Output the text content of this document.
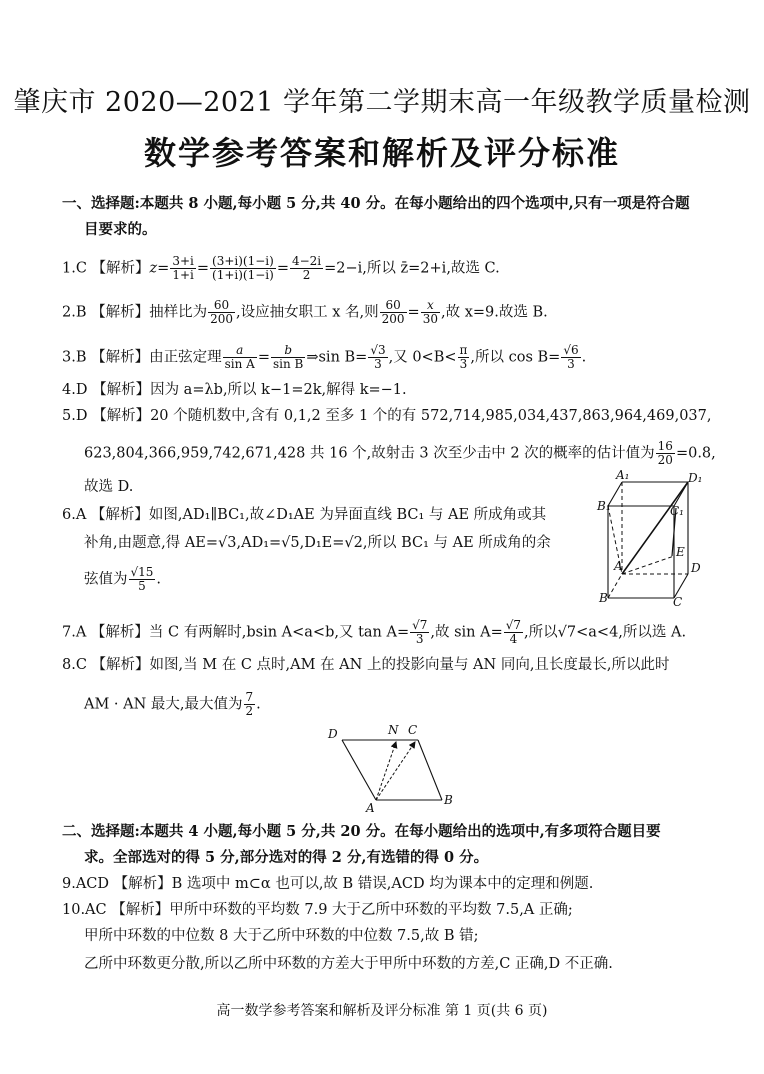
肇庆市 2020—2021 学年第二学期末高一年级教学质量检测
数学参考答案和解析及评分标准
一、选择题:本题共 8 小题,每小题 5 分,共 40 分。在每小题给出的四个选项中,只有一项是符合题
目要求的。
1.C 【解析】$z= \frac{3+i}{1+i} = \frac{(3+i)(1-i)}{(1+i)(1-i)} = \frac{4-2i}{2} =2-i$,所以 z̄=2+i,故选 C.
2.B 【解析】抽样比为 $\frac{60}{200}$ ,设应抽女职工 x 名,则 $\frac{60}{200} = \frac{x}{30}$ ,故 x=9.故选 B.
3.B 【解析】由正弦定理 $\frac{a}{\text{sin A}} = \frac{b}{\text{sin B}}$ ⇒sin $B= \frac{√3}{3}$ ,又 $0<B< \frac{\pi}{3}$ ,所以 $\cos B= \frac{√6}{3}$ .
4.D 【解析】因为 a=λb,所以 k−1=2k,解得 k=−1.
5.D 【解析】20 个随机数中,含有 0,1,2 至多 1 个的有 572,714,985,034,437,863,964,469,037,
623,804,366,959,742,671,428 共 16 个,故射击 3 次至少击中 2 次的概率的估计值为 $\frac{16}{20} =0.8$,
故选 D.
6.A 【解析】如图,AD₁∥BC₁,故∠D₁AE 为异面直线 BC₁ 与 AE 所成角或其
补角,由题意,得 AE=√3,AD₁=√5,D₁E=√2,所以 BC₁ 与 AE 所成角的余
弦值为 $\frac{√15}{5}$ .
A₁	D₁
B₁	C₁
E
A	D
B	C
7.A 【解析】当 C 有两解时,bsin A<a<b,又 $\tan A= \frac{√7}{3}$ ,故 $\sin A= \frac{√7}{4}$ ,所以√7<a<4,所以选 A.
8.C 【解析】如图,当 M 在 C 点时,AM 在 AN 上的投影向量与 AN 同向,且长度最长,所以此时
AM · AN 最大,最大值为 $\frac{7}{2}$ .
D	N C
A
B
二、选择题:本题共 4 小题,每小题 5 分,共 20 分。在每小题给出的选项中,有多项符合题目要
求。全部选对的得 5 分,部分选对的得 2 分,有选错的得 0 分。
9.ACD 【解析】B 选项中 m⊂α 也可以,故 B 错误,ACD 均为课本中的定理和例题.
10.AC 【解析】甲所中环数的平均数 7.9 大于乙所中环数的平均数 7.5,A 正确;
甲所中环数的中位数 8 大于乙所中环数的中位数 7.5,故 B 错;
乙所中环数更分散,所以乙所中环数的方差大于甲所中环数的方差,C 正确,D 不正确.
高一数学参考答案和解析及评分标准 第 1 页(共 6 页)
